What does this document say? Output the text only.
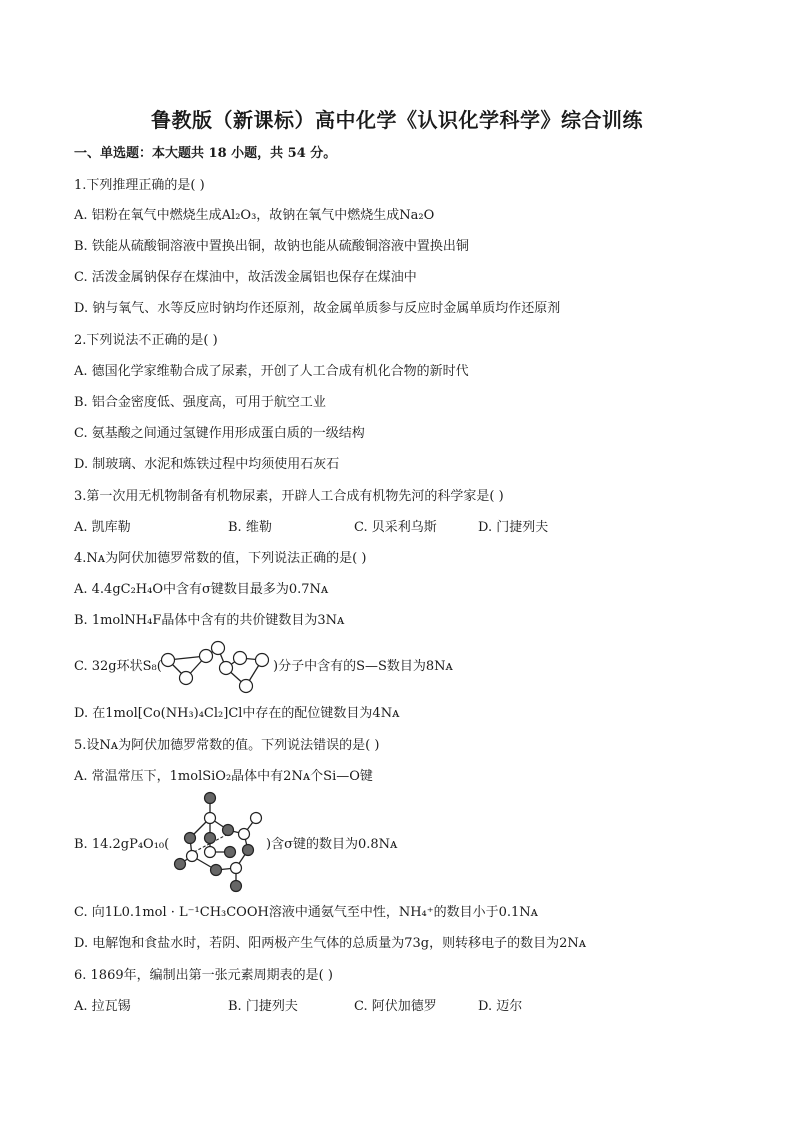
鲁教版（新课标）高中化学《认识化学科学》综合训练
一、单选题：本大题共 18 小题，共 54 分。
1.下列推理正确的是( )
A. 铝粉在氧气中燃烧生成Al₂O₃，故钠在氧气中燃烧生成Na₂O
B. 铁能从硫酸铜溶液中置换出铜，故钠也能从硫酸铜溶液中置换出铜
C. 活泼金属钠保存在煤油中，故活泼金属铝也保存在煤油中
D. 钠与氧气、水等反应时钠均作还原剂，故金属单质参与反应时金属单质均作还原剂
2.下列说法不正确的是( )
A. 德国化学家维勒合成了尿素，开创了人工合成有机化合物的新时代
B. 铝合金密度低、强度高，可用于航空工业
C. 氨基酸之间通过氢键作用形成蛋白质的一级结构
D. 制玻璃、水泥和炼铁过程中均须使用石灰石
3.第一次用无机物制备有机物尿素，开辟人工合成有机物先河的科学家是( )
A. 凯库勒	B. 维勒	C. 贝采利乌斯	D. 门捷列夫
4.Nᴀ为阿伏加德罗常数的值，下列说法正确的是( )
A. 4.4gC₂H₄O中含有σ键数目最多为0.7Nᴀ
B. 1molNH₄F晶体中含有的共价键数目为3Nᴀ
C. 32g环状S₈(	)分子中含有的S—S数目为8Nᴀ
D. 在1mol[Co(NH₃)₄Cl₂]Cl中存在的配位键数目为4Nᴀ
5.设Nᴀ为阿伏加德罗常数的值。下列说法错误的是( )
A. 常温常压下，1molSiO₂晶体中有2Nᴀ个Si—O键
B. 14.2gP₄O₁₀(	)含σ键的数目为0.8Nᴀ
C. 向1L0.1mol · L⁻¹CH₃COOH溶液中通氨气至中性，NH₄⁺的数目小于0.1Nᴀ
D. 电解饱和食盐水时，若阴、阳两极产生气体的总质量为73g，则转移电子的数目为2Nᴀ
6. 1869年，编制出第一张元素周期表的是( )
A. 拉瓦锡	B. 门捷列夫	C. 阿伏加德罗	D. 迈尔
